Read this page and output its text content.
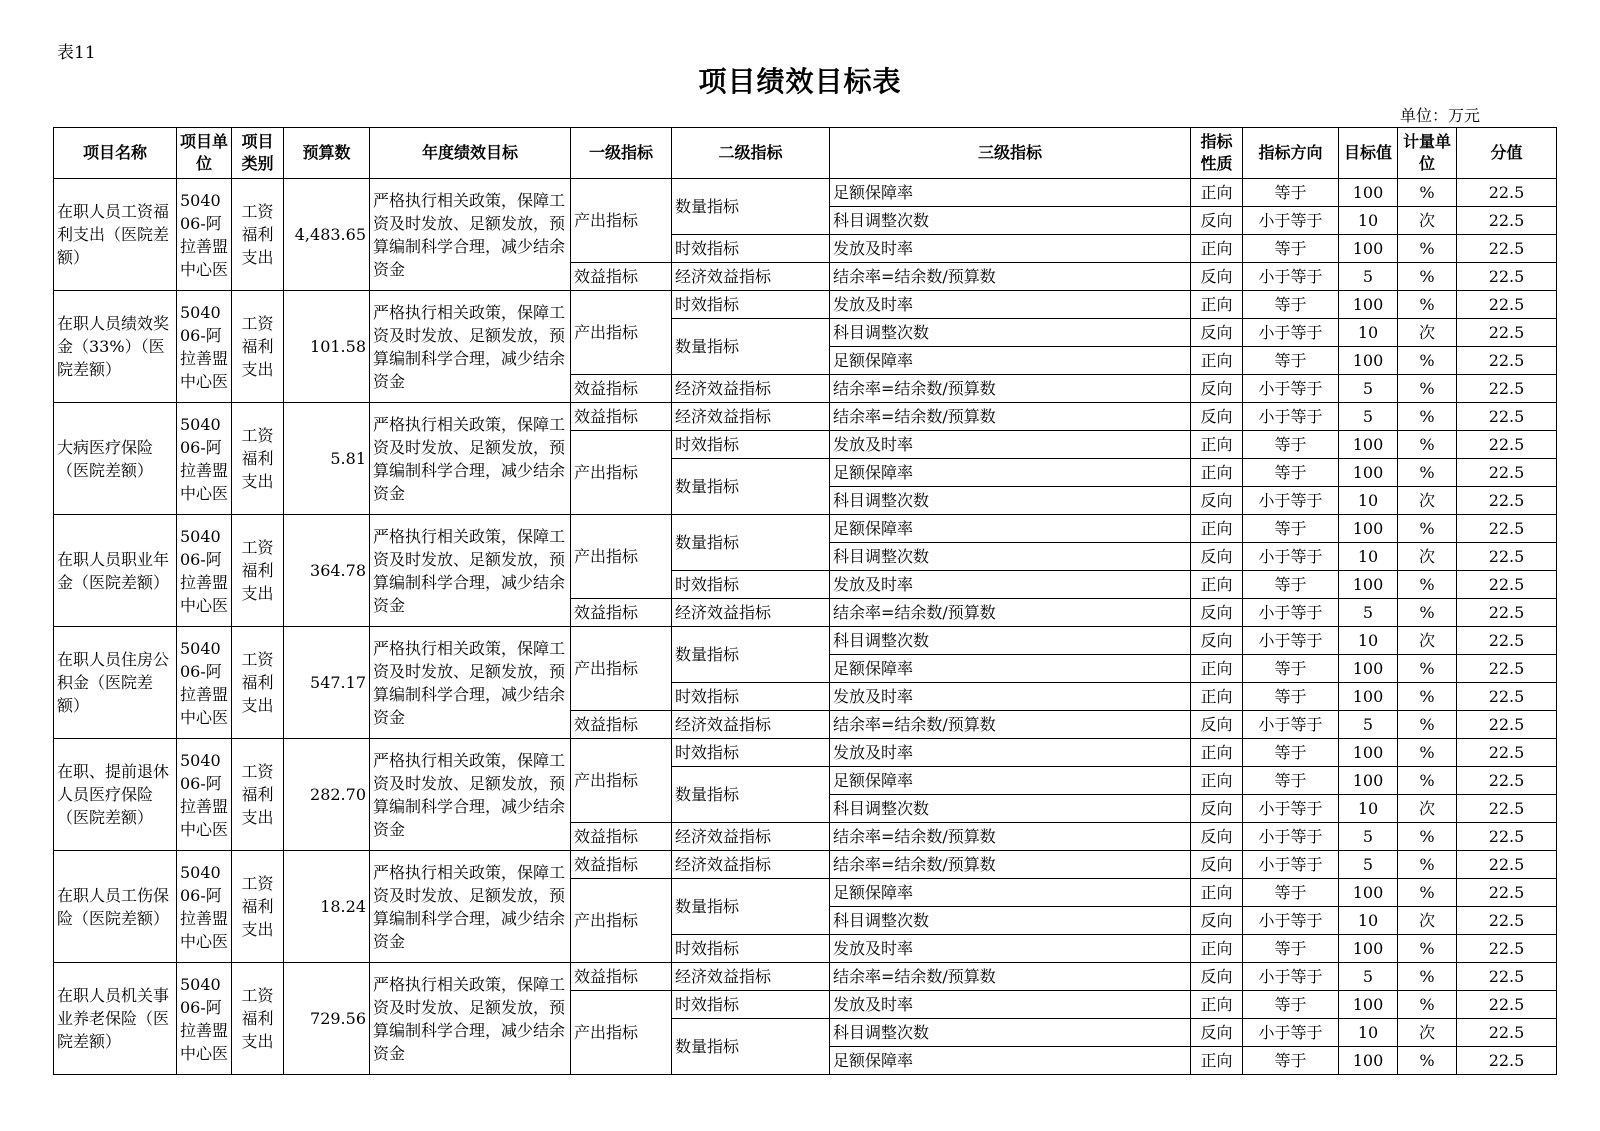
表11
项目绩效目标表
单位：万元
项目名称	项目单位	项目类别	预算数	年度绩效目标	一级指标	二级指标	三级指标	指标性质	指标方向	目标值	计量单位	分值
在职人员工资福利支出（医院差额）	504006-阿拉善盟中心医	工资福利支出	4,483.65	严格执行相关政策，保障工资及时发放、足额发放，预算编制科学合理，减少结余资金	产出指标	数量指标	足额保障率	正向	等于	100	%	22.5
							科目调整次数	反向	小于等于	10	次	22.5
						时效指标	发放及时率	正向	等于	100	%	22.5
					效益指标	经济效益指标	结余率=结余数/预算数	反向	小于等于	5	%	22.5
在职人员绩效奖金（33%）（医院差额）	504006-阿拉善盟中心医	工资福利支出	101.58	严格执行相关政策，保障工资及时发放、足额发放，预算编制科学合理，减少结余资金	产出指标	时效指标	发放及时率	正向	等于	100	%	22.5
						数量指标	科目调整次数	反向	小于等于	10	次	22.5
							足额保障率	正向	等于	100	%	22.5
					效益指标	经济效益指标	结余率=结余数/预算数	反向	小于等于	5	%	22.5
大病医疗保险（医院差额）	504006-阿拉善盟中心医	工资福利支出	5.81	严格执行相关政策，保障工资及时发放、足额发放，预算编制科学合理，减少结余资金	效益指标	经济效益指标	结余率=结余数/预算数	反向	小于等于	5	%	22.5
					产出指标	时效指标	发放及时率	正向	等于	100	%	22.5
						数量指标	足额保障率	正向	等于	100	%	22.5
							科目调整次数	反向	小于等于	10	次	22.5
在职人员职业年金（医院差额）	504006-阿拉善盟中心医	工资福利支出	364.78	严格执行相关政策，保障工资及时发放、足额发放，预算编制科学合理，减少结余资金	产出指标	数量指标	足额保障率	正向	等于	100	%	22.5
							科目调整次数	反向	小于等于	10	次	22.5
						时效指标	发放及时率	正向	等于	100	%	22.5
					效益指标	经济效益指标	结余率=结余数/预算数	反向	小于等于	5	%	22.5
在职人员住房公积金（医院差额）	504006-阿拉善盟中心医	工资福利支出	547.17	严格执行相关政策，保障工资及时发放、足额发放，预算编制科学合理，减少结余资金	产出指标	数量指标	科目调整次数	反向	小于等于	10	次	22.5
							足额保障率	正向	等于	100	%	22.5
						时效指标	发放及时率	正向	等于	100	%	22.5
					效益指标	经济效益指标	结余率=结余数/预算数	反向	小于等于	5	%	22.5
在职、提前退休人员医疗保险（医院差额）	504006-阿拉善盟中心医	工资福利支出	282.70	严格执行相关政策，保障工资及时发放、足额发放，预算编制科学合理，减少结余资金	产出指标	时效指标	发放及时率	正向	等于	100	%	22.5
						数量指标	足额保障率	正向	等于	100	%	22.5
							科目调整次数	反向	小于等于	10	次	22.5
					效益指标	经济效益指标	结余率=结余数/预算数	反向	小于等于	5	%	22.5
在职人员工伤保险（医院差额）	504006-阿拉善盟中心医	工资福利支出	18.24	严格执行相关政策，保障工资及时发放、足额发放，预算编制科学合理，减少结余资金	效益指标	经济效益指标	结余率=结余数/预算数	反向	小于等于	5	%	22.5
					产出指标	数量指标	足额保障率	正向	等于	100	%	22.5
							科目调整次数	反向	小于等于	10	次	22.5
						时效指标	发放及时率	正向	等于	100	%	22.5
在职人员机关事业养老保险（医院差额）	504006-阿拉善盟中心医	工资福利支出	729.56	严格执行相关政策，保障工资及时发放、足额发放，预算编制科学合理，减少结余资金	效益指标	经济效益指标	结余率=结余数/预算数	反向	小于等于	5	%	22.5
					产出指标	时效指标	发放及时率	正向	等于	100	%	22.5
						数量指标	科目调整次数	反向	小于等于	10	次	22.5
							足额保障率	正向	等于	100	%	22.5
